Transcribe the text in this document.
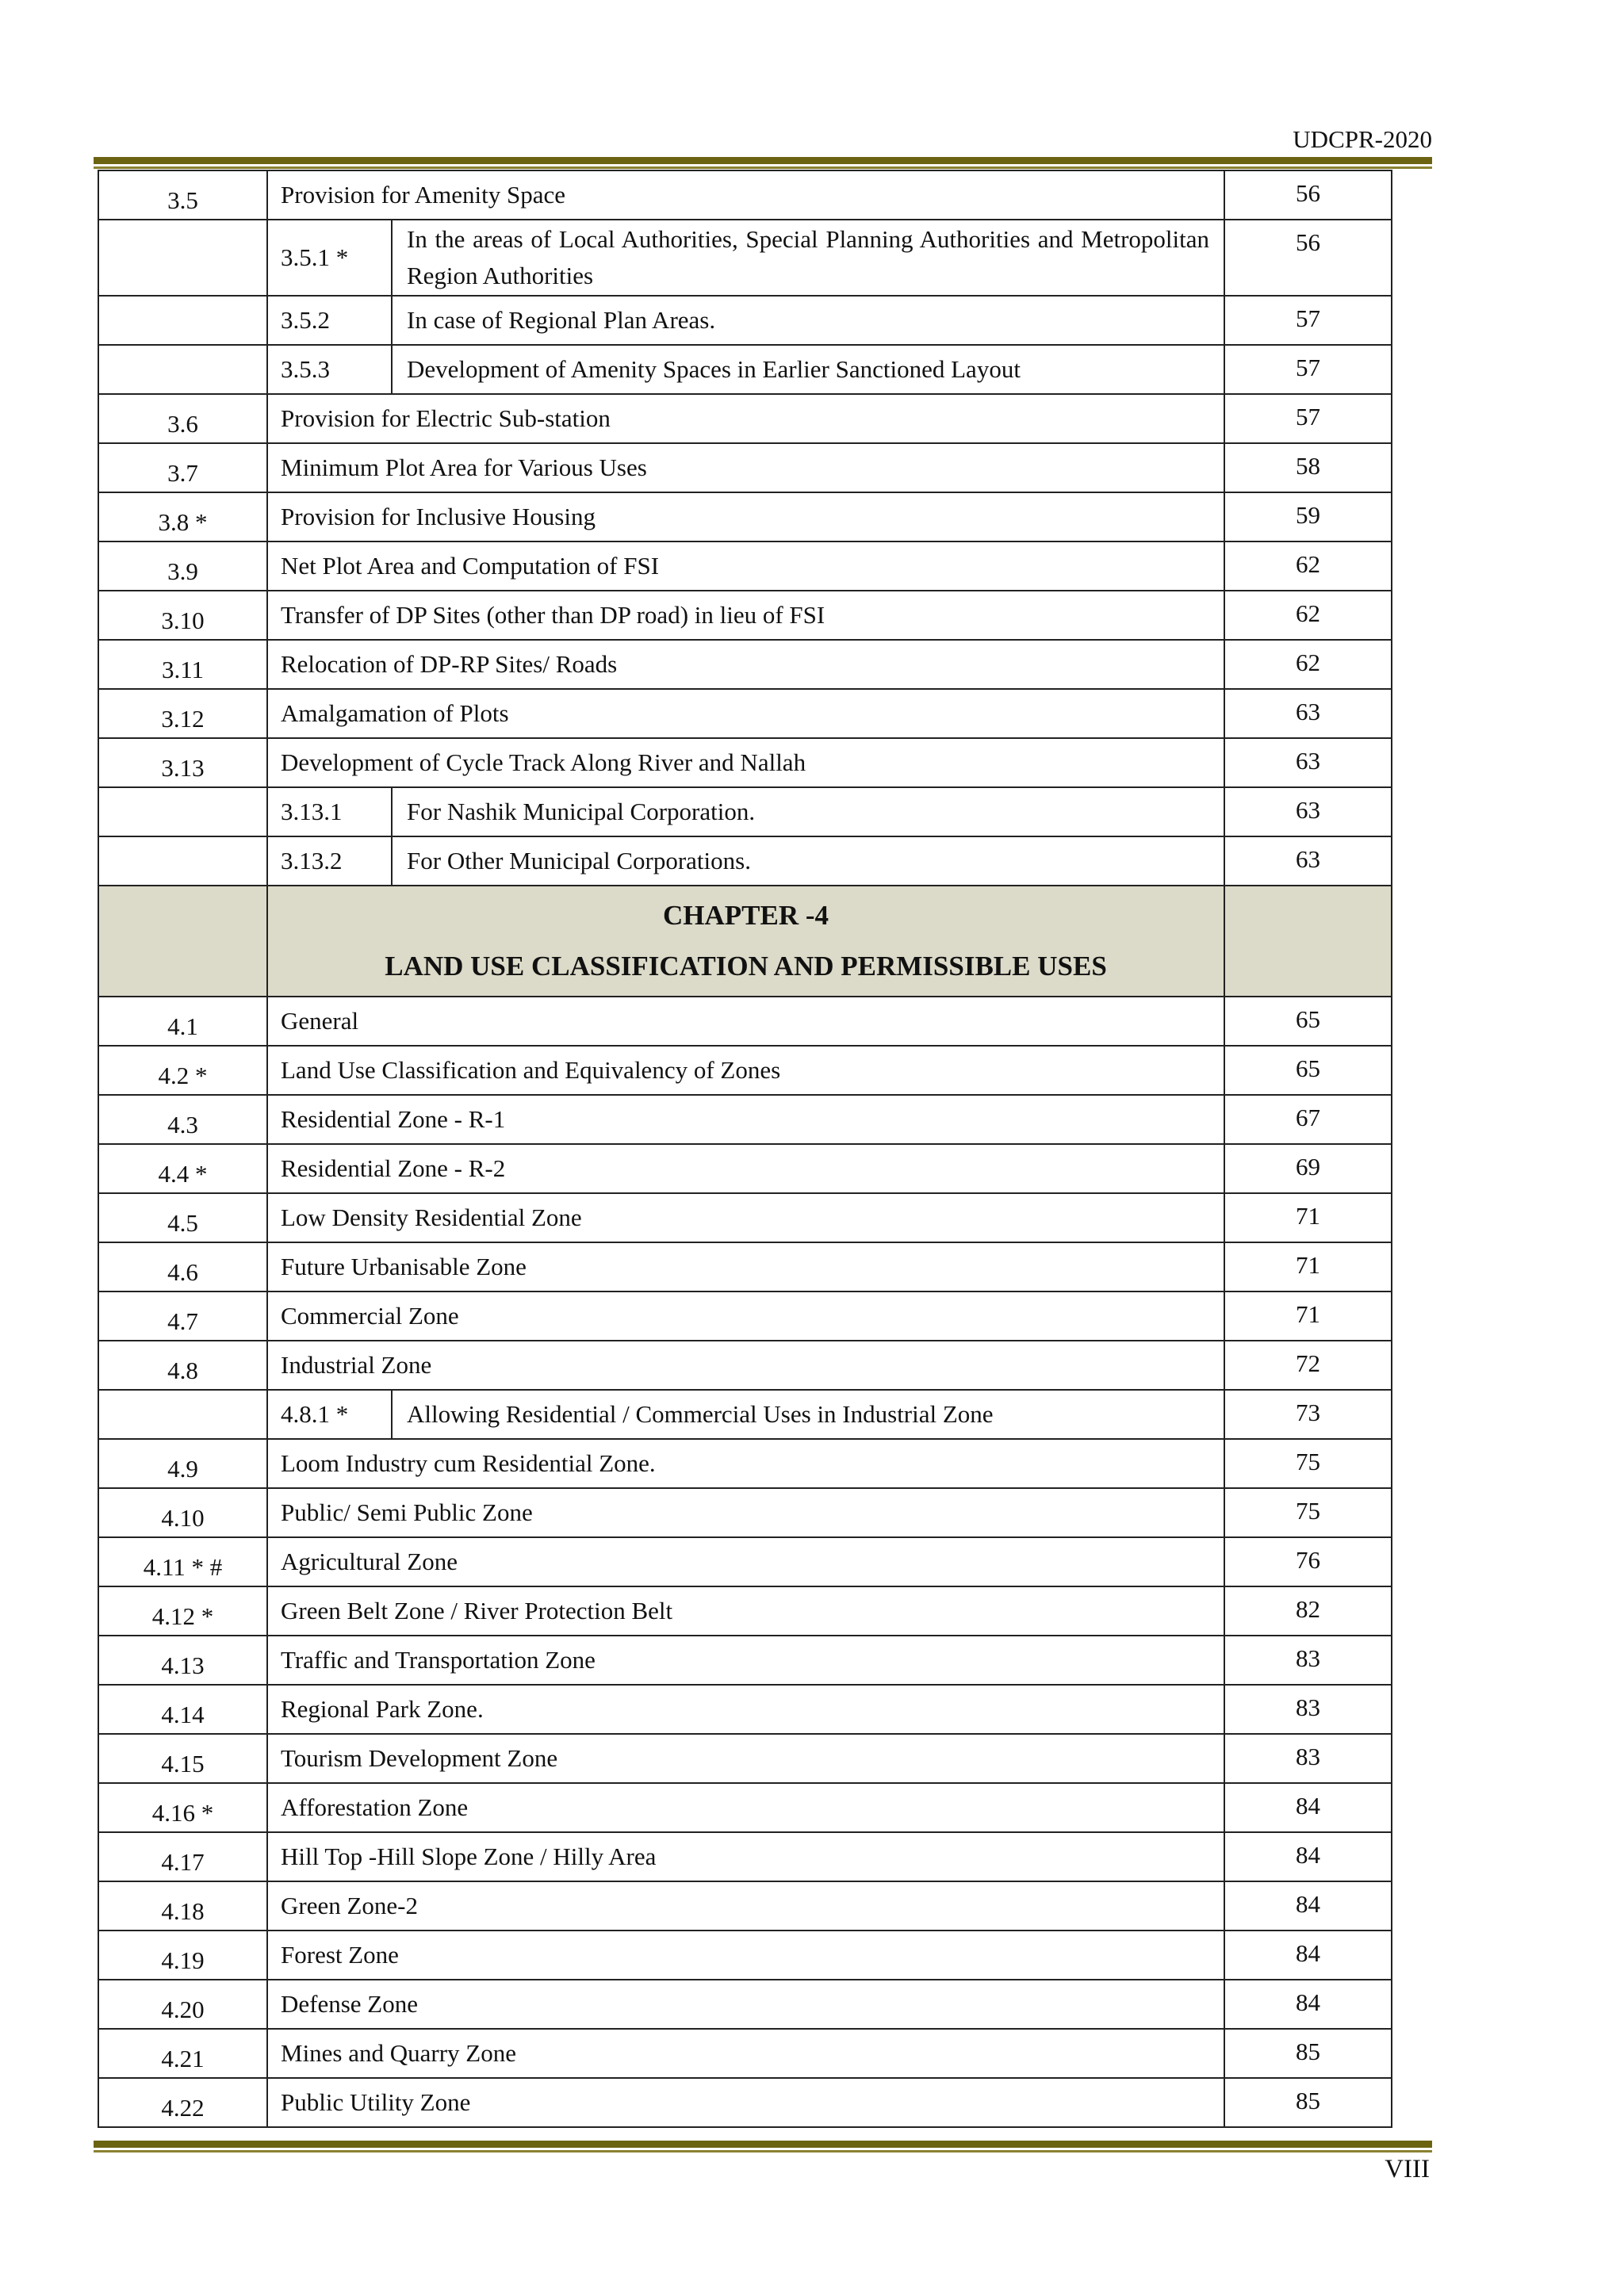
UDCPR-2020
3.5	Provision for Amenity Space		56
	3.5.1 *	In the areas of Local Authorities, Special Planning Authorities and Metropolitan Region Authorities	56
	3.5.2	In case of Regional Plan Areas.	57
	3.5.3	Development of Amenity Spaces in Earlier Sanctioned Layout	57
3.6	Provision for Electric Sub-station		57
3.7	Minimum Plot Area for Various Uses		58
3.8 *	Provision for Inclusive Housing		59
3.9	Net Plot Area and Computation of FSI		62
3.10	Transfer of DP Sites (other than DP road) in lieu of FSI		62
3.11	Relocation of DP-RP Sites/ Roads		62
3.12	Amalgamation of Plots		63
3.13	Development of Cycle Track Along River and Nallah		63
	3.13.1	For Nashik Municipal Corporation.	63
	3.13.2	For Other Municipal Corporations.	63

	CHAPTER -4
LAND USE CLASSIFICATION AND PERMISSIBLE USES		

4.1	General		65
4.2 *	Land Use Classification and Equivalency of Zones		65
4.3	Residential Zone - R-1		67
4.4 *	Residential Zone - R-2		69
4.5	Low Density Residential Zone		71
4.6	Future Urbanisable Zone		71
4.7	Commercial Zone		71
4.8	Industrial Zone		72
	4.8.1 *	Allowing Residential / Commercial Uses in Industrial Zone	73
4.9	Loom Industry cum Residential Zone.		75
4.10	Public/ Semi Public Zone		75
4.11 * #	Agricultural Zone		76
4.12 *	Green Belt Zone / River Protection Belt		82
4.13	Traffic and Transportation Zone		83
4.14	Regional Park Zone.		83
4.15	Tourism Development Zone		83
4.16 *	Afforestation Zone		84
4.17	Hill Top -Hill Slope Zone / Hilly Area		84
4.18	Green Zone-2		84
4.19	Forest Zone		84
4.20	Defense Zone		84
4.21	Mines and Quarry Zone		85
4.22	Public Utility Zone		85
VIII
